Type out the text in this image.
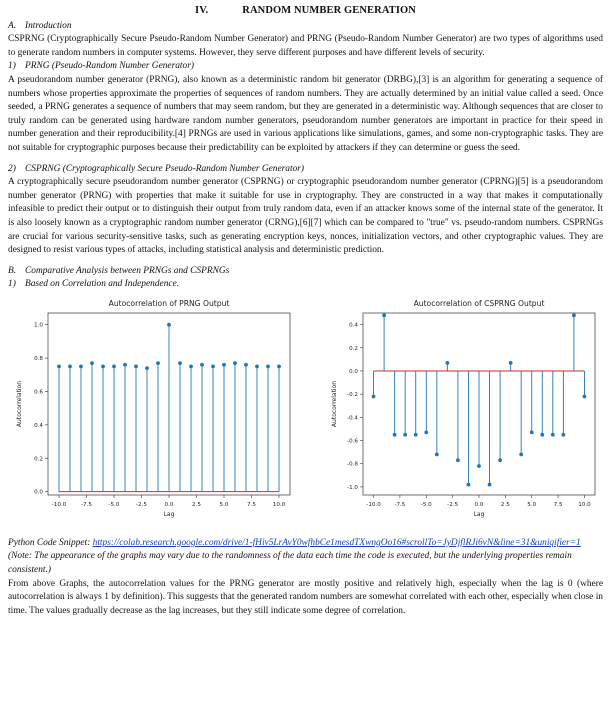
IV.	RANDOM NUMBER GENERATION
A. Introduction

CSPRNG (Cryptographically Secure Pseudo-Random Number Generator) and PRNG (Pseudo-Random Number Generator) are two types of algorithms used to generate random numbers in computer systems. However, they serve different purposes and have different levels of security.

1) PRNG (Pseudo-Random Number Generator)

A pseudorandom number generator (PRNG), also known as a deterministic random bit generator (DRBG),[3] is an algorithm for generating a sequence of numbers whose properties approximate the properties of sequences of random numbers. They are actually determined by an initial value called a seed. Once seeded, a PRNG generates a sequence of numbers that may seem random, but they are generated in a deterministic way. Although sequences that are closer to truly random can be generated using hardware random number generators, pseudorandom number generators are important in practice for their speed in number generation and their reproducibility.[4] PRNGs are used in various applications like simulations, games, and some non-cryptographic tasks. They are not suitable for cryptographic purposes because their predictability can be exploited by attackers if they can determine or guess the seed.

2) CSPRNG (Cryptographically Secure Pseudo-Random Number Generator)

A cryptographically secure pseudorandom number generator (CSPRNG) or cryptographic pseudorandom number generator (CPRNG)[5] is a pseudorandom number generator (PRNG) with properties that make it suitable for use in cryptography. They are constructed in a way that makes it computationally infeasible to predict their output or to distinguish their output from truly random data, even if an attacker knows some of the internal state of the generator. It is also loosely known as a cryptographic random number generator (CRNG),[6][7] which can be compared to "true" vs. pseudo-random numbers. CSPRNGs are crucial for various security-sensitive tasks, such as generating encryption keys, nonces, initialization vectors, and other cryptographic values. They are designed to resist various types of attacks, including statistical analysis and deterministic prediction.

B. Comparative Analysis between PRNGs and CSPRNGs
1) Based on Correlation and Independence.
Autocorrelation of PRNG Output
-10.0	-7.5	-5.0	-2.5	0.0	2.5	5.0	7.5	10.0
0.0
0.2
0.4
0.6
0.8
1.0
Lag
Autocorrelation
Autocorrelation of CSPRNG Output
-10.0 -7.5	-5.0	-2.5	0.0	2.5	5.0	7.5	10.0
0.4
0.2
0.0
-0.2
-0.4
-0.6
-0.8
-1.0
Lag
Autocorrelation
Python Code Snippet: https://colab.research.google.com/drive/1-fHiv5LrAvY0wfhbCe1mesdTXwngOo16#scrollTo=JyDjflRJi6vN&line=31&uniqifier=1

(Note: The appearance of the graphs may vary due to the randomness of the data each time the code is executed, but the underlying properties remain consistent.)

From above Graphs, the autocorrelation values for the PRNG generator are mostly positive and relatively high, especially when the lag is 0 (where autocorrelation is always 1 by definition). This suggests that the generated random numbers are somewhat correlated with each other, especially when close in time. The values gradually decrease as the lag increases, but they still indicate some degree of correlation.
